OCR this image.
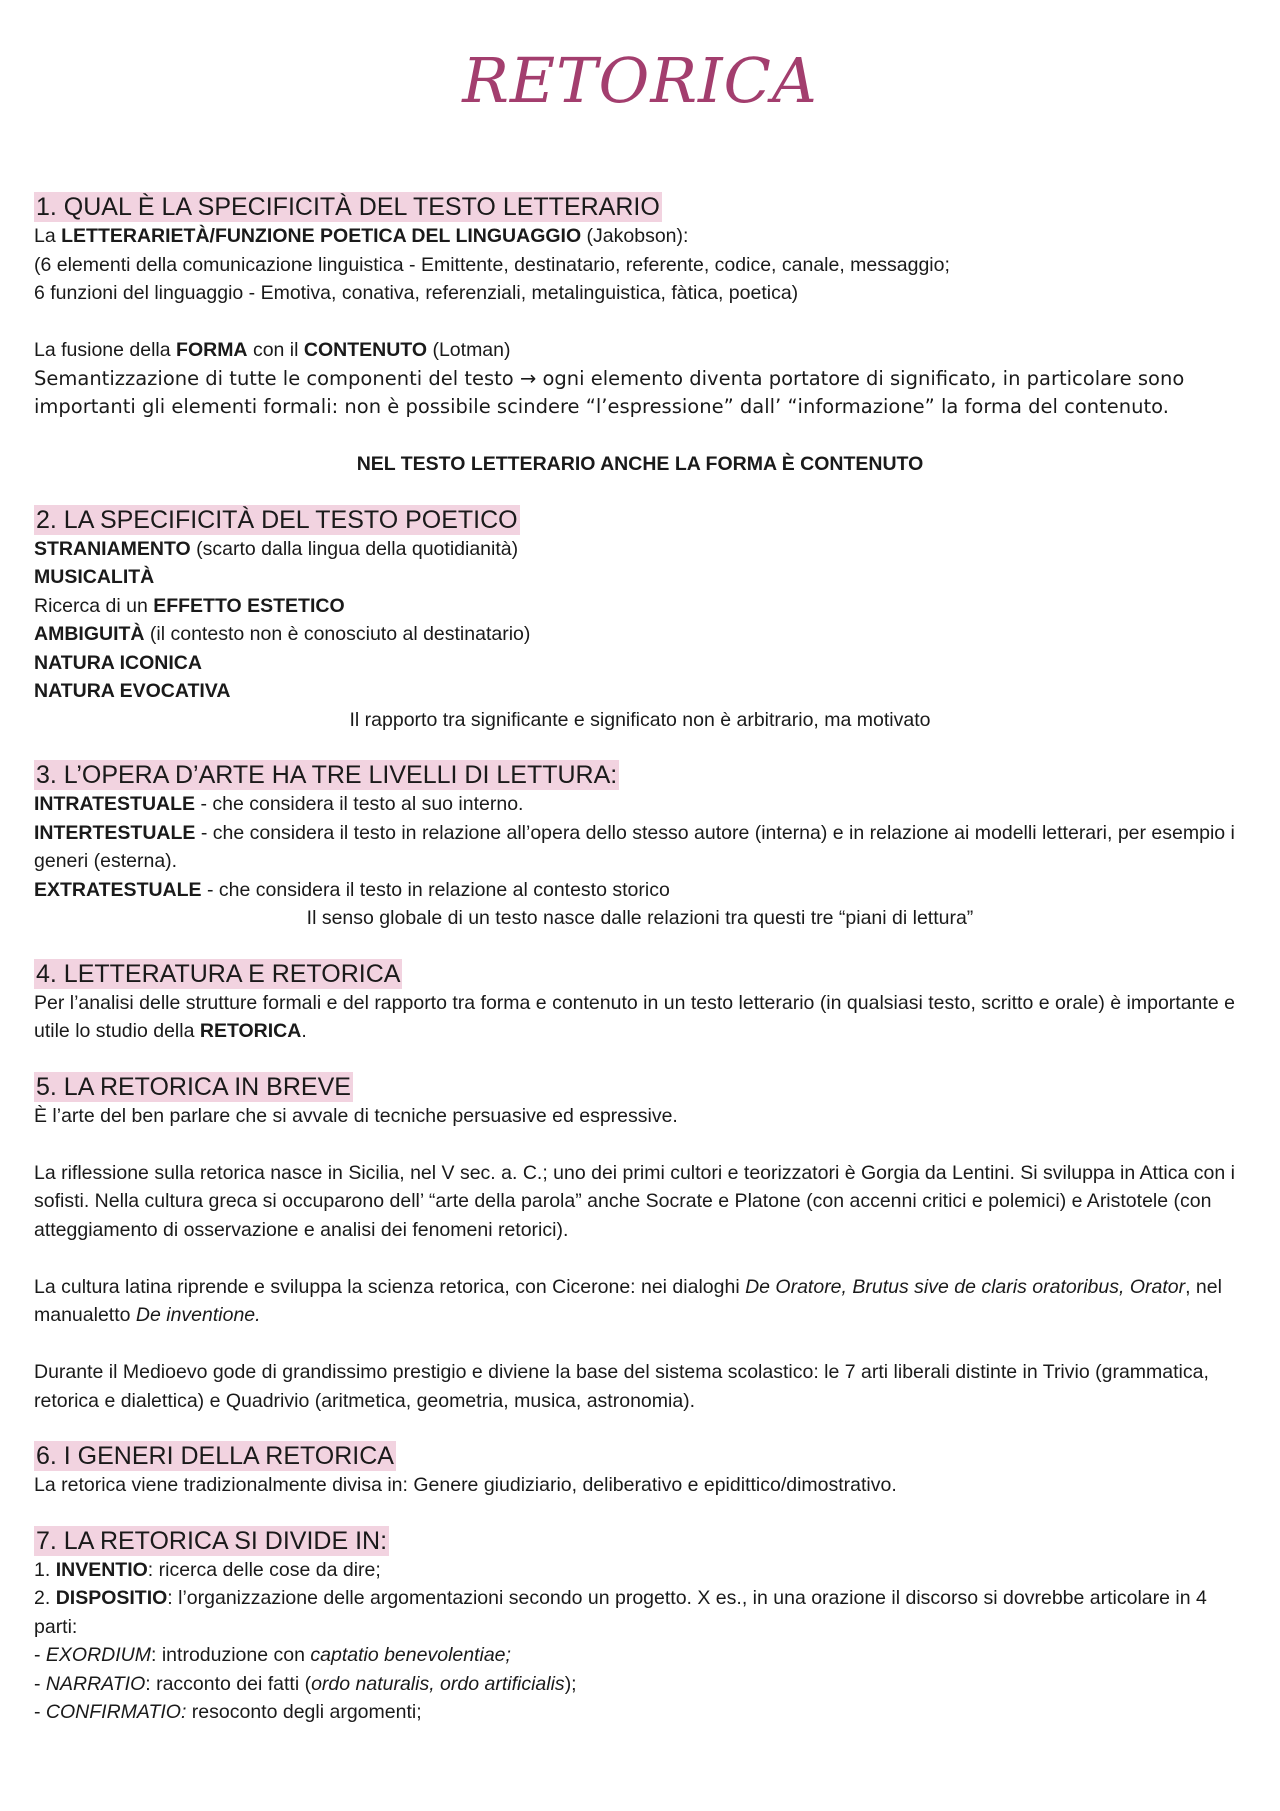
RETORICA
1. QUAL È LA SPECIFICITÀ DEL TESTO LETTERARIO

La LETTERARIETÀ/FUNZIONE POETICA DEL LINGUAGGIO (Jakobson):

(6 elementi della comunicazione linguistica - Emittente, destinatario, referente, codice, canale, messaggio;

6 funzioni del linguaggio - Emotiva, conativa, referenziali, metalinguistica, fàtica, poetica)

La fusione della FORMA con il CONTENUTO (Lotman)

Semantizzazione di tutte le componenti del testo → ogni elemento diventa portatore di significato, in particolare sono importanti gli elementi formali: non è possibile scindere “l’espressione” dall’ “informazione” la forma del contenuto.

NEL TESTO LETTERARIO ANCHE LA FORMA È CONTENUTO

2. LA SPECIFICITÀ DEL TESTO POETICO

STRANIAMENTO (scarto dalla lingua della quotidianità)

MUSICALITÀ

Ricerca di un EFFETTO ESTETICO

AMBIGUITÀ (il contesto non è conosciuto al destinatario)

NATURA ICONICA

NATURA EVOCATIVA

Il rapporto tra significante e significato non è arbitrario, ma motivato

3. L’OPERA D’ARTE HA TRE LIVELLI DI LETTURA:

INTRATESTUALE - che considera il testo al suo interno.

INTERTESTUALE - che considera il testo in relazione all’opera dello stesso autore (interna) e in relazione ai modelli letterari, per esempio i generi (esterna).

EXTRATESTUALE - che considera il testo in relazione al contesto storico

Il senso globale di un testo nasce dalle relazioni tra questi tre “piani di lettura”

4. LETTERATURA E RETORICA

Per l’analisi delle strutture formali e del rapporto tra forma e contenuto in un testo letterario (in qualsiasi testo, scritto e orale) è importante e utile lo studio della RETORICA.

5. LA RETORICA IN BREVE

È l’arte del ben parlare che si avvale di tecniche persuasive ed espressive.

La riflessione sulla retorica nasce in Sicilia, nel V sec. a. C.; uno dei primi cultori e teorizzatori è Gorgia da Lentini. Si sviluppa in Attica con i sofisti. Nella cultura greca si occuparono dell’ “arte della parola” anche Socrate e Platone (con accenni critici e polemici) e Aristotele (con atteggiamento di osservazione e analisi dei fenomeni retorici).

La cultura latina riprende e sviluppa la scienza retorica, con Cicerone: nei dialoghi De Oratore, Brutus sive de claris oratoribus, Orator, nel manualetto De inventione.

Durante il Medioevo gode di grandissimo prestigio e diviene la base del sistema scolastico: le 7 arti liberali distinte in Trivio (grammatica, retorica e dialettica) e Quadrivio (aritmetica, geometria, musica, astronomia).

6. I GENERI DELLA RETORICA

La retorica viene tradizionalmente divisa in: Genere giudiziario, deliberativo e epidittico/dimostrativo.

7. LA RETORICA SI DIVIDE IN:

1. INVENTIO: ricerca delle cose da dire;

2. DISPOSITIO: l’organizzazione delle argomentazioni secondo un progetto. X es., in una orazione il discorso si dovrebbe articolare in 4 parti:

- EXORDIUM: introduzione con captatio benevolentiae;

- NARRATIO: racconto dei fatti (ordo naturalis, ordo artificialis);

- CONFIRMATIO: resoconto degli argomenti;
